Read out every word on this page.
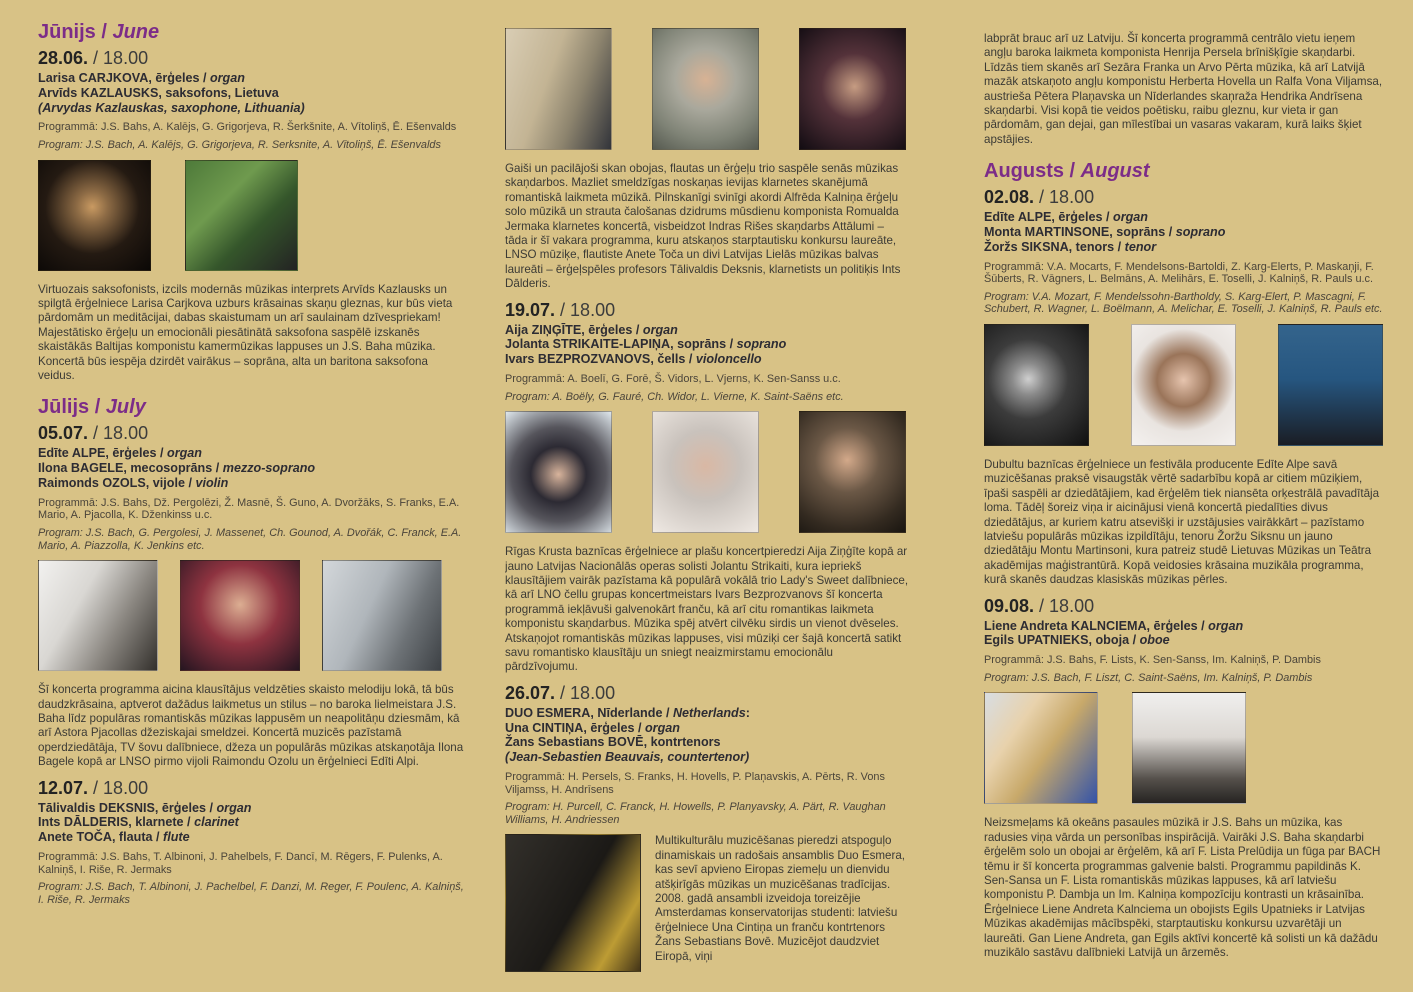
Jūnijs / June
28.06. / 18.00
Larisa CARJKOVA, ērģeles / organ
Arvīds KAZLAUSKS, saksofons, Lietuva
(Arvydas Kazlauskas, saxophone, Lithuania)

Programmā: J.S. Bahs, A. Kalējs, G. Grigorjeva, R. Šerkšnite, A. Vītoliņš, Ē. Ešenvalds

Program: J.S. Bach, A. Kalējs, G. Grigorjeva, R. Serksnite, A. Vītoliņš, Ē. Ešenvalds

Virtuozais saksofonists, izcils modernās mūzikas interprets Arvīds Kazlausks un spilgtā ērģelniece Larisa Carjkova uzburs krāsainas skaņu gleznas, kur būs vieta pārdomām un meditācijai, dabas skaistumam un arī saulainam dzīvespriekam! Majestātisko ērģeļu un emocionāli piesātinātā saksofona saspēlē izskanēs skaistākās Baltijas komponistu kamermūzikas lappuses un J.S. Baha mūzika. Koncertā būs iespēja dzirdēt vairākus – soprāna, alta un baritona saksofona veidus.

Jūlijs / July
05.07. / 18.00
Edīte ALPE, ērģeles / organ
Ilona BAGELE, mecosoprāns / mezzo-soprano
Raimonds OZOLS, vijole / violin

Programmā: J.S. Bahs, Dž. Pergolēzi, Ž. Masnē, Š. Guno, A. Dvoržāks, S. Franks, E.A. Mario, A. Pjacolla, K. Dženkinss u.c.

Program: J.S. Bach, G. Pergolesi, J. Massenet, Ch. Gounod, A. Dvořák, C. Franck, E.A. Mario, A. Piazzolla, K. Jenkins etc.

Šī koncerta programma aicina klausītājus veldzēties skaisto melodiju lokā, tā būs daudzkrāsaina, aptverot dažādus laikmetus un stilus – no baroka lielmeistara J.S. Baha līdz populāras romantiskās mūzikas lappusēm un neapolitāņu dziesmām, kā arī Astora Pjacollas džeziskajai smeldzei. Koncertā muzicēs pazīstamā operdziedātāja, TV šovu dalībniece, džeza un populārās mūzikas atskaņotāja Ilona Bagele kopā ar LNSO pirmo vijoli Raimondu Ozolu un ērģelnieci Edīti Alpi.

12.07. / 18.00
Tālivaldis DEKSNIS, ērģeles / organ
Ints DĀLDERIS, klarnete / clarinet
Anete TOČA, flauta / flute

Programmā: J.S. Bahs, T. Albinoni, J. Pahelbels, F. Dancī, M. Rēgers, F. Pulenks, A. Kalniņš, I. Riše, R. Jermaks

Program: J.S. Bach, T. Albinoni, J. Pachelbel, F. Danzi, M. Reger, F. Poulenc, A. Kalniņš, I. Riše, R. Jermaks

Gaiši un pacilājoši skan obojas, flautas un ērģeļu trio saspēle senās mūzikas skaņdarbos. Mazliet smeldzīgas noskaņas ievijas klarnetes skanējumā romantiskā laikmeta mūzikā. Pilnskanīgi svinīgi akordi Alfrēda Kalniņa ērģeļu solo mūzikā un strauta čalošanas dzidrums mūsdienu komponista Romualda Jermaka klarnetes koncertā, visbeidzot Indras Rišes skaņdarbs Attālumi – tāda ir šī vakara programma, kuru atskaņos starptautisku konkursu laureāte, LNSO mūziķe, flautiste Anete Toča un divi Latvijas Lielās mūzikas balvas laureāti – ērģeļspēles profesors Tālivaldis Deksnis, klarnetists un politiķis Ints Dālderis.

19.07. / 18.00
Aija ZIŅĢĪTE, ērģeles / organ
Jolanta STRIKAITE-LAPIŅA, soprāns / soprano
Ivars BEZPROZVANOVS, čells / violoncello

Programmā: A. Boelī, G. Forē, Š. Vidors, L. Vjerns, K. Sen-Sanss u.c.

Program: A. Boëly, G. Fauré, Ch. Widor, L. Vierne, K. Saint-Saëns etc.

Rīgas Krusta baznīcas ērģelniece ar plašu koncertpieredzi Aija Ziņģīte kopā ar jauno Latvijas Nacionālās operas solisti Jolantu Strikaiti, kura iepriekš klausītājiem vairāk pazīstama kā populārā vokālā trio Lady's Sweet dalībniece, kā arī LNO čellu grupas koncertmeistars Ivars Bezprozvanovs šī koncerta programmā iekļāvuši galvenokārt franču, kā arī citu romantikas laikmeta komponistu skaņdarbus. Mūzika spēj atvērt cilvēku sirdis un vienot dvēseles. Atskaņojot romantiskās mūzikas lappuses, visi mūziķi cer šajā koncertā satikt savu romantisko klausītāju un sniegt neaizmirstamu emocionālu pārdzīvojumu.

26.07. / 18.00
DUO ESMERA, Nīderlande / Netherlands:
Una CINTIŅA, ērģeles / organ
Žans Sebastians BOVĒ, kontrtenors
(Jean-Sebastien Beauvais, countertenor)

Programmā: H. Persels, S. Franks, H. Hovells, P. Plaņavskis, A. Pērts, R. Vons Viljamss, H. Andrīsens

Program: H. Purcell, C. Franck, H. Howells, P. Planyavsky, A. Pärt, R. Vaughan Williams, H. Andriessen

Multikulturālu muzicēšanas pieredzi atspoguļo dinamiskais un radošais ansamblis Duo Esmera, kas sevī apvieno Eiropas ziemeļu un dienvidu atšķirīgās mūzikas un muzicēšanas tradīcijas. 2008. gadā ansambli izveidoja toreizējie Amsterdamas konservatorijas studenti: latviešu ērģelniece Una Cintiņa un franču kontrtenors Žans Sebastians Bovē. Muzicējot daudzviet Eiropā, viņi

labprāt brauc arī uz Latviju. Šī koncerta programmā centrālo vietu ieņem angļu baroka laikmeta komponista Henrija Persela brīnišķīgie skaņdarbi. Līdzās tiem skanēs arī Sezāra Franka un Arvo Pērta mūzika, kā arī Latvijā mazāk atskaņoto angļu komponistu Herberta Hovella un Ralfa Vona Viljamsa, austrieša Pētera Plaņavska un Nīderlandes skaņraža Hendrika Andrīsena skaņdarbi. Visi kopā tie veidos poētisku, raibu gleznu, kur vieta ir gan pārdomām, gan dejai, gan mīlestībai un vasaras vakaram, kurā laiks šķiet apstājies.

Augusts / August
02.08. / 18.00
Edīte ALPE, ērģeles / organ
Monta MARTINSONE, soprāns / soprano
Žoržs SIKSNA, tenors / tenor

Programmā: V.A. Mocarts, F. Mendelsons-Bartoldi, Z. Karg-Elerts, P. Maskaņji, F. Šūberts, R. Vāgners, L. Belmāns, A. Melihārs, E. Toselli, J. Kalniņš, R. Pauls u.c.

Program: V.A. Mozart, F. Mendelssohn-Bartholdy, S. Karg-Elert, P. Mascagni, F. Schubert, R. Wagner, L. Boëlmann, A. Melichar, E. Toselli, J. Kalniņš, R. Pauls etc.

Dubultu baznīcas ērģelniece un festivāla producente Edīte Alpe savā muzicēšanas praksē visaugstāk vērtē sadarbību kopā ar citiem mūziķiem, īpaši saspēli ar dziedātājiem, kad ērģelēm tiek niansēta orķestrālā pavadītāja loma. Tādēļ šoreiz viņa ir aicinājusi vienā koncertā piedalīties divus dziedātājus, ar kuriem katru atsevišķi ir uzstājusies vairākkārt – pazīstamo latviešu populārās mūzikas izpildītāju, tenoru Žoržu Siksnu un jauno dziedātāju Montu Martinsoni, kura patreiz studē Lietuvas Mūzikas un Teātra akadēmijas maģistrantūrā. Kopā veidosies krāsaina muzikāla programma, kurā skanēs daudzas klasiskās mūzikas pērles.

09.08. / 18.00
Liene Andreta KALNCIEMA, ērģeles / organ
Egils UPATNIEKS, oboja / oboe

Programmā: J.S. Bahs, F. Lists, K. Sen-Sanss, Im. Kalniņš, P. Dambis

Program: J.S. Bach, F. Liszt, C. Saint-Saëns, Im. Kalniņš, P. Dambis

Neizsmeļams kā okeāns pasaules mūzikā ir J.S. Bahs un mūzika, kas radusies viņa vārda un personības inspirācijā. Vairāki J.S. Baha skaņdarbi ērģelēm solo un obojai ar ērģelēm, kā arī F. Lista Prelūdija un fūga par BACH tēmu ir šī koncerta programmas galvenie balsti. Programmu papildinās K. Sen-Sansa un F. Lista romantiskās mūzikas lappuses, kā arī latviešu komponistu P. Dambja un Im. Kalniņa kompozīciju kontrasti un krāsainība. Ērģelniece Liene Andreta Kalnciema un obojists Egils Upatnieks ir Latvijas Mūzikas akadēmijas mācībspēki, starptautisku konkursu uzvarētāji un laureāti. Gan Liene Andreta, gan Egils aktīvi koncertē kā solisti un kā dažādu muzikālo sastāvu dalībnieki Latvijā un ārzemēs.
